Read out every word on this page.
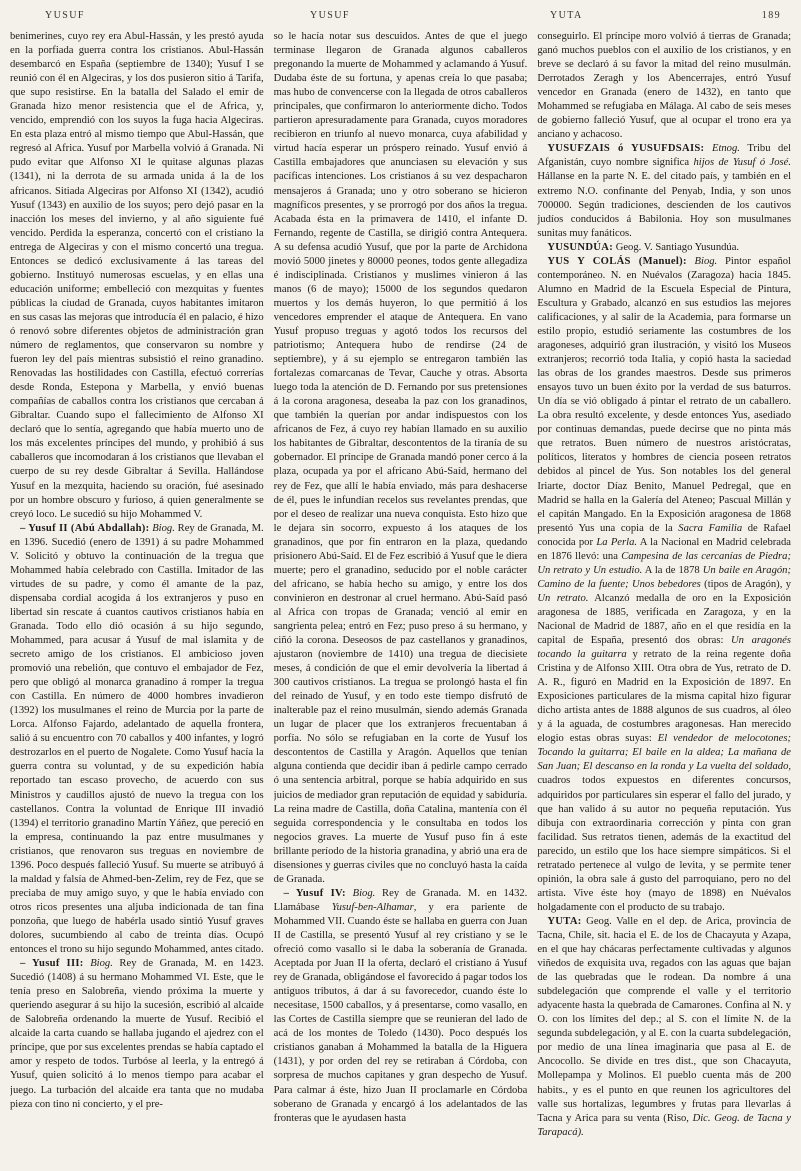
YUSUF	YUSUF	YUTA	189

benimerines, cuyo rey era Abul-Hassán, y les prestó ayuda en la porfiada guerra contra los cristianos. Abul-Hassán desembarcó en España (septiembre de 1340); Yusuf I se reunió con él en Algeciras, y los dos pusieron sitio á Tarifa, que supo resistirse. En la batalla del Salado el emir de Granada hizo menor resistencia que el de Africa, y, vencido, emprendió con los suyos la fuga hacia Algeciras. En esta plaza entró al mismo tiempo que Abul-Hassán, que regresó al Africa. Yusuf por Marbella volvió á Granada. Ni pudo evitar que Alfonso XI le quitase algunas plazas (1341), ni la derrota de su armada unida á la de los africanos. Sitiada Algeciras por Alfonso XI (1342), acudió Yusuf (1343) en auxilio de los suyos; pero dejó pasar en la inacción los meses del invierno, y al año siguiente fué vencido. Perdida la esperanza, concertó con el cristiano la entrega de Algeciras y con el mismo concertó una tregua. Entonces se dedicó exclusivamente á las tareas del gobierno. Instituyó numerosas escuelas, y en ellas una educación uniforme; embelleció con mezquitas y fuentes públicas la ciudad de Granada, cuyos habitantes imitaron en sus casas las mejoras que introducía él en palacio, é hizo ó renovó sobre diferentes objetos de administración gran número de reglamentos, que conservaron su nombre y fueron ley del país mientras subsistió el reino granadino. Renovadas las hostilidades con Castilla, efectuó correrías desde Ronda, Estepona y Marbella, y envió buenas compañías de caballos contra los cristianos que cercaban á Gibraltar. Cuando supo el fallecimiento de Alfonso XI declaró que lo sentía, agregando que había muerto uno de los más excelentes príncipes del mundo, y prohibió á sus caballeros que incomodaran á los cristianos que llevaban el cuerpo de su rey desde Gibraltar á Sevilla. Hallándose Yusuf en la mezquita, haciendo su oración, fué asesinado por un hombre obscuro y furioso, á quien generalmente se creyó loco. Le sucedió su hijo Mohammed V.

– Yusuf II (Abú Abdallah): Biog. Rey de Granada, M. en 1396. Sucedió (enero de 1391) á su padre Mohammed V. Solicitó y obtuvo la continuación de la tregua que Mohammed había celebrado con Castilla. Imitador de las virtudes de su padre, y como él amante de la paz, dispensaba cordial acogida á los extranjeros y puso en libertad sin rescate á cuantos cautivos cristianos había en Granada. Todo ello dió ocasión á su hijo segundo, Mohammed, para acusar á Yusuf de mal islamita y de secreto amigo de los cristianos. El ambicioso joven promovió una rebelión, que contuvo el embajador de Fez, pero que obligó al monarca granadino á romper la tregua con Castilla. En número de 4000 hombres invadieron (1392) los musulmanes el reino de Murcia por la parte de Lorca. Alfonso Fajardo, adelantado de aquella frontera, salió á su encuentro con 70 caballos y 400 infantes, y logró destrozarlos en el puerto de Nogalete. Como Yusuf hacía la guerra contra su voluntad, y de su expedición había reportado tan escaso provecho, de acuerdo con sus Ministros y caudillos ajustó de nuevo la tregua con los castellanos. Contra la voluntad de Enrique III invadió (1394) el territorio granadino Martín Yáñez, que pereció en la empresa, continuando la paz entre musulmanes y cristianos, que renovaron sus treguas en noviembre de 1396. Poco después falleció Yusuf. Su muerte se atribuyó á la maldad y falsía de Ahmed-ben-Zelim, rey de Fez, que se preciaba de muy amigo suyo, y que le había enviado con otros ricos presentes una aljuba indicionada de tan fina ponzoña, que luego de habérla usado sintió Yusuf graves dolores, sucumbiendo al cabo de treinta días. Ocupó entonces el trono su hijo segundo Mohammed, antes citado.

– Yusuf III: Biog. Rey de Granada, M. en 1423. Sucedió (1408) á su hermano Mohammed VI. Este, que le tenía preso en Salobreña, viendo próxima la muerte y queriendo asegurar á su hijo la sucesión, escribió al alcaide de Salobreña ordenando la muerte de Yusuf. Recibió el alcaide la carta cuando se hallaba jugando el ajedrez con el príncipe, que por sus excelentes prendas se había captado el amor y respeto de todos. Turbóse al leerla, y la entregó á Yusuf, quien solicitó á lo menos tiempo para acabar el juego. La turbación del alcaide era tanta que no mudaba pieza con tino ni concierto, y el pre-

so le hacía notar sus descuidos. Antes de que el juego terminase llegaron de Granada algunos caballeros pregonando la muerte de Mohammed y aclamando á Yusuf. Dudaba éste de su fortuna, y apenas creía lo que pasaba; mas hubo de convencerse con la llegada de otros caballeros principales, que confirmaron lo anteriormente dicho. Todos partieron apresuradamente para Granada, cuyos moradores recibieron en triunfo al nuevo monarca, cuya afabilidad y virtud hacía esperar un próspero reinado. Yusuf envió á Castilla embajadores que anunciasen su elevación y sus pacíficas intenciones. Los cristianos á su vez despacharon mensajeros á Granada; uno y otro soberano se hicieron magníficos presentes, y se prorrogó por dos años la tregua. Acabada ésta en la primavera de 1410, el infante D. Fernando, regente de Castilla, se dirigió contra Antequera. A su defensa acudió Yusuf, que por la parte de Archidona movió 5000 jinetes y 80000 peones, todos gente allegadiza é indisciplinada. Cristianos y muslimes vinieron á las manos (6 de mayo); 15000 de los segundos quedaron muertos y los demás huyeron, lo que permitió á los vencedores emprender el ataque de Antequera. En vano Yusuf propuso treguas y agotó todos los recursos del patriotismo; Antequera hubo de rendirse (24 de septiembre), y á su ejemplo se entregaron también las fortalezas comarcanas de Tevar, Cauche y otras. Absorta luego toda la atención de D. Fernando por sus pretensiones á la corona aragonesa, deseaba la paz con los granadinos, que también la querían por andar indispuestos con los africanos de Fez, á cuyo rey habían llamado en su auxilio los habitantes de Gibraltar, descontentos de la tiranía de su gobernador. El príncipe de Granada mandó poner cerco á la plaza, ocupada ya por el africano Abú-Saíd, hermano del rey de Fez, que allí le había enviado, más para deshacerse de él, pues le infundían recelos sus revelantes prendas, que por el deseo de realizar una nueva conquista. Esto hizo que le dejara sin socorro, expuesto á los ataques de los granadinos, que por fin entraron en la plaza, quedando prisionero Abú-Saíd. El de Fez escribió á Yusuf que le diera muerte; pero el granadino, seducido por el noble carácter del africano, se había hecho su amigo, y entre los dos convinieron en destronar al cruel hermano. Abú-Saíd pasó al Africa con tropas de Granada; venció al emir en sangrienta pelea; entró en Fez; puso preso á su hermano, y ciñó la corona. Deseosos de paz castellanos y granadinos, ajustaron (noviembre de 1410) una tregua de diecisiete meses, á condición de que el emir devolvería la libertad á 300 cautivos cristianos. La tregua se prolongó hasta el fin del reinado de Yusuf, y en todo este tiempo disfrutó de inalterable paz el reino musulmán, siendo además Granada un lugar de placer que los extranjeros frecuentaban á porfía. No sólo se refugiaban en la corte de Yusuf los descontentos de Castilla y Aragón. Aquellos que tenían alguna contienda que decidir iban á pedirle campo cerrado ó una sentencia arbitral, porque se había adquirido en sus juicios de mediador gran reputación de equidad y sabiduría. La reina madre de Castilla, doña Catalina, mantenía con él seguida correspondencia y le consultaba en todos los negocios graves. La muerte de Yusuf puso fin á este brillante período de la historia granadina, y abrió una era de disensiones y guerras civiles que no concluyó hasta la caída de Granada.

– Yusuf IV: Biog. Rey de Granada. M. en 1432. Llamábase Yusuf-ben-Alhamar, y era pariente de Mohammed VII. Cuando éste se hallaba en guerra con Juan II de Castilla, se presentó Yusuf al rey cristiano y se le ofreció como vasallo si le daba la soberanía de Granada. Aceptada por Juan II la oferta, declaró el cristiano á Yusuf rey de Granada, obligándose el favorecido á pagar todos los antiguos tributos, á dar á su favorecedor, cuando éste lo necesitase, 1500 caballos, y á presentarse, como vasallo, en las Cortes de Castilla siempre que se reunieran del lado de acá de los montes de Toledo (1430). Poco después los cristianos ganaban á Mohammed la batalla de la Higuera (1431), y por orden del rey se retiraban á Córdoba, con sorpresa de muchos capitanes y gran despecho de Yusuf. Para calmar á éste, hizo Juan II proclamarle en Córdoba soberano de Granada y encargó á los adelantados de las fronteras que le ayudasen hasta

conseguirlo. El príncipe moro volvió á tierras de Granada; ganó muchos pueblos con el auxilio de los cristianos, y en breve se declaró á su favor la mitad del reino musulmán. Derrotados Zeragh y los Abencerrajes, entró Yusuf vencedor en Granada (enero de 1432), en tanto que Mohammed se refugiaba en Málaga. Al cabo de seis meses de gobierno falleció Yusuf, que al ocupar el trono era ya anciano y achacoso.

YUSUFZAIS ó YUSUFDSAIS: Etnog. Tribu del Afganistán, cuyo nombre significa hijos de Yusuf ó José. Hállanse en la parte N. E. del citado país, y también en el extremo N.O. confinante del Penyab, India, y son unos 700000. Según tradiciones, descienden de los cautivos judíos conducidos á Babilonia. Hoy son musulmanes sunitas muy fanáticos.

YUSUNDÚA: Geog. V. Santiago Yusundúa.

YUS Y COLÁS (Manuel): Biog. Pintor español contemporáneo. N. en Nuévalos (Zaragoza) hacia 1845. Alumno en Madrid de la Escuela Especial de Pintura, Escultura y Grabado, alcanzó en sus estudios las mejores calificaciones, y al salir de la Academia, para formarse un estilo propio, estudió seriamente las costumbres de los aragoneses, adquirió gran ilustración, y visitó los Museos extranjeros; recorrió toda Italia, y copió hasta la saciedad las obras de los grandes maestros. Desde sus primeros ensayos tuvo un buen éxito por la verdad de sus baturros. Un día se vió obligado á pintar el retrato de un caballero. La obra resultó excelente, y desde entonces Yus, asediado por continuas demandas, puede decirse que no pinta más que retratos. Buen número de nuestros aristócratas, políticos, literatos y hombres de ciencia poseen retratos debidos al pincel de Yus. Son notables los del general Iriarte, doctor Díaz Benito, Manuel Pedregal, que en Madrid se halla en la Galería del Ateneo; Pascual Millán y el capitán Mangado. En la Exposición aragonesa de 1868 presentó Yus una copia de la Sacra Familia de Rafael conocida por La Perla. A la Nacional en Madrid celebrada en 1876 llevó: una Campesina de las cercanías de Piedra; Un retrato y Un estudio. A la de 1878 Un baile en Aragón; Camino de la fuente; Unos bebedores (tipos de Aragón), y Un retrato. Alcanzó medalla de oro en la Exposición aragonesa de 1885, verificada en Zaragoza, y en la Nacional de Madrid de 1887, año en el que residía en la capital de España, presentó dos obras: Un aragonés tocando la guitarra y retrato de la reina regente doña Cristina y de Alfonso XIII. Otra obra de Yus, retrato de D. A. R., figuró en Madrid en la Exposición de 1897. En Exposiciones particulares de la misma capital hizo figurar dicho artista antes de 1888 algunos de sus cuadros, al óleo y á la aguada, de costumbres aragonesas. Han merecido elogio estas obras suyas: El vendedor de melocotones; Tocando la guitarra; El baile en la aldea; La mañana de San Juan; El descanso en la ronda y La vuelta del soldado, cuadros todos expuestos en diferentes concursos, adquiridos por particulares sin esperar el fallo del jurado, y que han valido á su autor no pequeña reputación. Yus dibuja con extraordinaria corrección y pinta con gran facilidad. Sus retratos tienen, además de la exactitud del parecido, un estilo que los hace siempre simpáticos. Si el retratado pertenece al vulgo de levita, y se permite tener opinión, la obra sale á gusto del parroquiano, pero no del artista. Vive éste hoy (mayo de 1898) en Nuévalos holgadamente con el producto de su trabajo.

YUTA: Geog. Valle en el dep. de Arica, provincia de Tacna, Chile, sit. hacia el E. de los de Chacayuta y Azapa, en el que hay chácaras perfectamente cultivadas y algunos viñedos de exquisita uva, regados con las aguas que bajan de las quebradas que le rodean. Da nombre á una subdelegación que comprende el valle y el territorio adyacente hasta la quebrada de Camarones. Confina al N. y O. con los límites del dep.; al S. con el límite N. de la segunda subdelegación, y al E. con la cuarta subdelegación, por medio de una línea imaginaria que pasa al E. de Ancocollo. Se divide en tres dist., que son Chacayuta, Mollepampa y Molinos. El pueblo cuenta más de 200 habits., y es el punto en que reunen los agricultores del valle sus hortalizas, legumbres y frutas para llevarlas á Tacna y Arica para su venta (Riso, Dic. Geog. de Tacna y Tarapacá).
